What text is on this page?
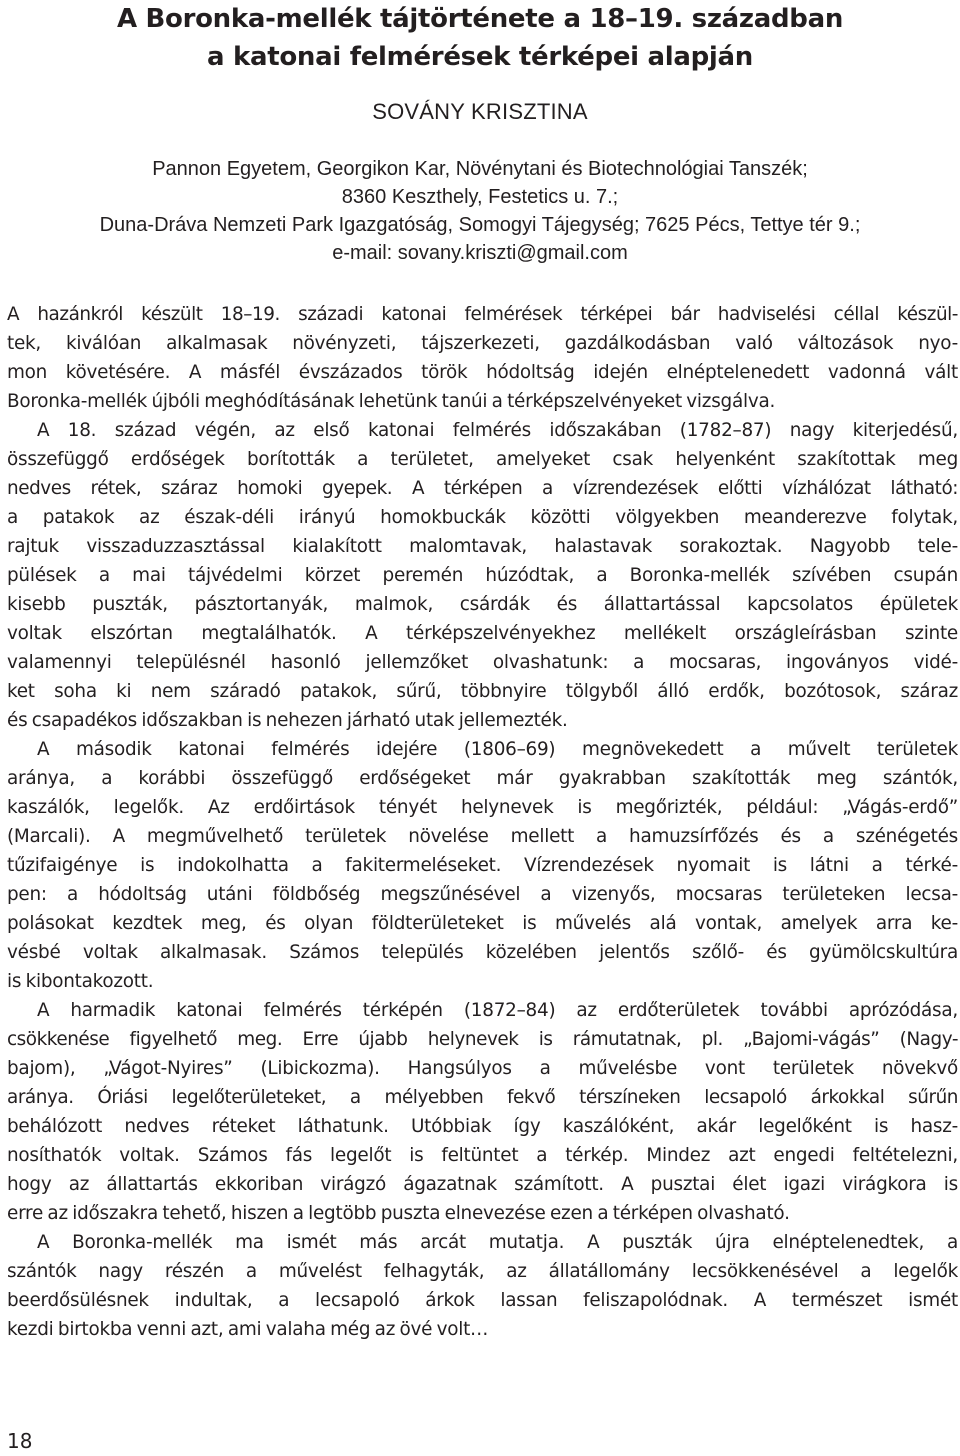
A Boronka-mellék tájtörténete a 18–19. században
a katonai felmérések térképei alapján
SOVÁNY KRISZTINA
Pannon Egyetem, Georgikon Kar, Növénytani és Biotechnológiai Tanszék;
8360 Keszthely, Festetics u. 7.;
Duna-Dráva Nemzeti Park Igazgatóság, Somogyi Tájegység; 7625 Pécs, Tettye tér 9.;
e-mail: sovany.kriszti@gmail.com
A hazánkról készült 18–19. századi katonai felmérések térképei bár hadviselési céllal készül-
tek, kiválóan alkalmasak növényzeti, tájszerkezeti, gazdálkodásban való változások nyo-
mon követésére. A másfél évszázados török hódoltság idején elnéptelenedett vadonná vált
Boronka-mellék újbóli meghódításának lehetünk tanúi a térképszelvényeket vizsgálva.
A 18. század végén, az első katonai felmérés időszakában (1782–87) nagy kiterjedésű,
összefüggő erdőségek borították a területet, amelyeket csak helyenként szakítottak meg
nedves rétek, száraz homoki gyepek. A térképen a vízrendezések előtti vízhálózat látható:
a patakok az észak-déli irányú homokbuckák közötti völgyekben meanderezve folytak,
rajtuk visszaduzzasztással kialakított malomtavak, halastavak sorakoztak. Nagyobb tele-
pülések a mai tájvédelmi körzet peremén húzódtak, a Boronka-mellék szívében csupán
kisebb puszták, pásztortanyák, malmok, csárdák és állattartással kapcsolatos épületek
voltak elszórtan megtalálhatók. A térképszelvényekhez mellékelt országleírásban szinte
valamennyi településnél hasonló jellemzőket olvashatunk: a mocsaras, ingoványos vidé-
ket soha ki nem száradó patakok, sűrű, többnyire tölgyből álló erdők, bozótosok, száraz
és csapadékos időszakban is nehezen járható utak jellemezték.
A második katonai felmérés idejére (1806–69) megnövekedett a művelt területek
aránya, a korábbi összefüggő erdőségeket már gyakrabban szakították meg szántók,
kaszálók, legelők. Az erdőirtások tényét helynevek is megőrizték, például: „Vágás-erdő”
(Marcali). A megművelhető területek növelése mellett a hamuzsírfőzés és a szénégetés
tűzifaigénye is indokolhatta a fakitermeléseket. Vízrendezések nyomait is látni a térké-
pen: a hódoltság utáni földbőség megszűnésével a vizenyős, mocsaras területeken lecsa-
polásokat kezdtek meg, és olyan földterületeket is művelés alá vontak, amelyek arra ke-
vésbé voltak alkalmasak. Számos település közelében jelentős szőlő- és gyümölcskultúra
is kibontakozott.
A harmadik katonai felmérés térképén (1872–84) az erdőterületek további aprózódása,
csökkenése figyelhető meg. Erre újabb helynevek is rámutatnak, pl. „Bajomi-vágás” (Nagy-
bajom), „Vágot-Nyires” (Libickozma). Hangsúlyos a művelésbe vont területek növekvő
aránya. Óriási legelőterületeket, a mélyebben fekvő térszíneken lecsapoló árkokkal sűrűn
behálózott nedves réteket láthatunk. Utóbbiak így kaszálóként, akár legelőként is hasz-
nosíthatók voltak. Számos fás legelőt is feltüntet a térkép. Mindez azt engedi feltételezni,
hogy az állattartás ekkoriban virágzó ágazatnak számított. A pusztai élet igazi virágkora is
erre az időszakra tehető, hiszen a legtöbb puszta elnevezése ezen a térképen olvasható.
A Boronka-mellék ma ismét más arcát mutatja. A puszták újra elnéptelenedtek, a
szántók nagy részén a művelést felhagyták, az állatállomány lecsökkenésével a legelők
beerdősülésnek indultak, a lecsapoló árkok lassan feliszapolódnak. A természet ismét
kezdi birtokba venni azt, ami valaha még az övé volt…
18
